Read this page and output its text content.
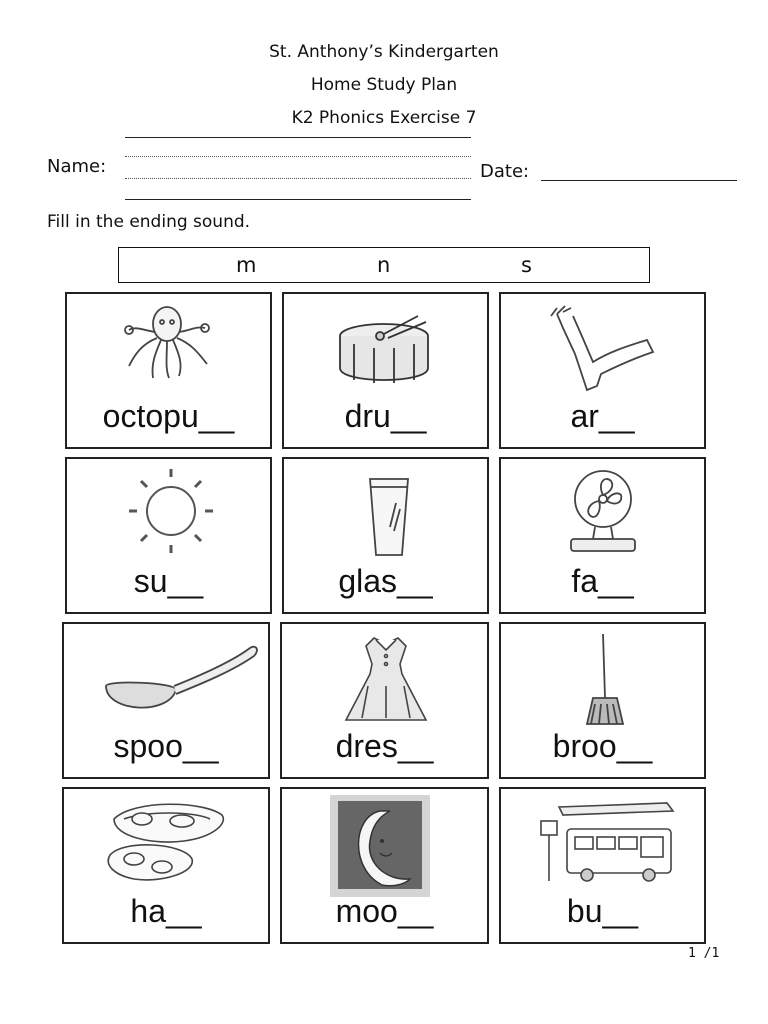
St. Anthony’s Kindergarten
Home Study Plan
K2 Phonics Exercise 7
Name:	Date:
Fill in the ending sound.
m	n	s
octopu__	dru__	ar__
su__	glas__	fa__
spoo__	dres__	broo__
ha__	moo__	bu__
1 /1
